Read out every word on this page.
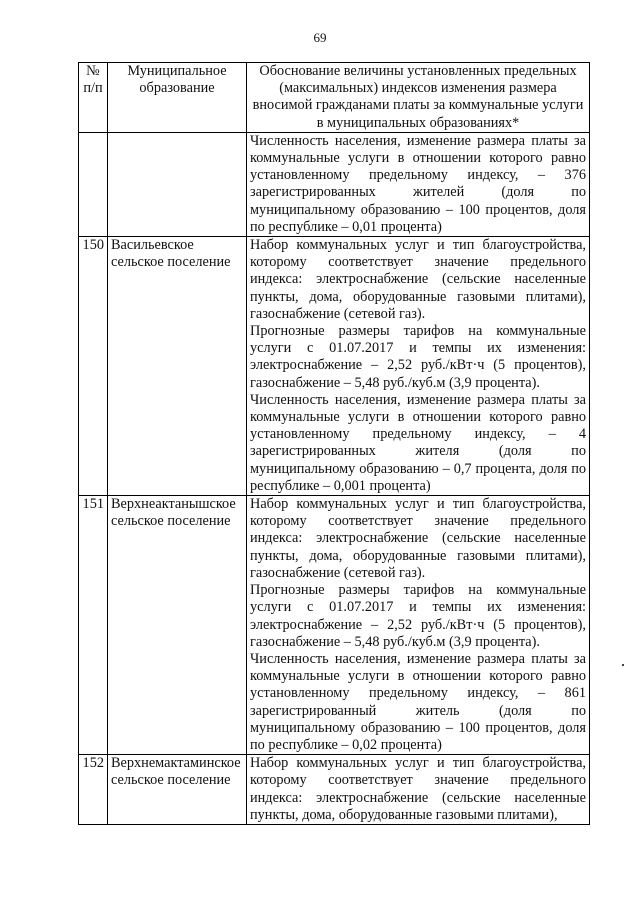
69
№ п/п	Муниципальное образование	Обоснование величины установленных предельных (максимальных) индексов изменения размера вносимой гражданами платы за коммунальные услуги в муниципальных образованиях*

		Численность населения, изменение размера платы за коммунальные услуги в отношении которого равно установленному предельному индексу, – 376 зарегистрированных жителей (доля по муниципальному образованию – 100 процентов, доля по республике – 0,01 процента)

150	Васильевское сельское поселение	Набор коммунальных услуг и тип благоустройства, которому соответствует значение предельного индекса: электроснабжение (сельские населенные пункты, дома, оборудованные газовыми плитами), газоснабжение (сетевой газ).

Прогнозные размеры тарифов на коммунальные услуги с 01.07.2017 и темпы их изменения: электроснабжение – 2,52 руб./кВт·ч (5 процентов), газоснабжение – 5,48 руб./куб.м (3,9 процента).

Численность населения, изменение размера платы за коммунальные услуги в отношении которого равно установленному предельному индексу, – 4 зарегистрированных жителя (доля по муниципальному образованию – 0,7 процента, доля по республике – 0,001 процента)

151	Верхнеактанышское сельское поселение	Набор коммунальных услуг и тип благоустройства, которому соответствует значение предельного индекса: электроснабжение (сельские населенные пункты, дома, оборудованные газовыми плитами), газоснабжение (сетевой газ).

Прогнозные размеры тарифов на коммунальные услуги с 01.07.2017 и темпы их изменения: электроснабжение – 2,52 руб./кВт·ч (5 процентов), газоснабжение – 5,48 руб./куб.м (3,9 процента).

Численность населения, изменение размера платы за коммунальные услуги в отношении которого равно установленному предельному индексу, – 861 зарегистрированный житель (доля по муниципальному образованию – 100 процентов, доля по республике – 0,02 процента)

152	Верхнемактаминское сельское поселение	Набор коммунальных услуг и тип благоустройства, которому соответствует значение предельного индекса: электроснабжение (сельские населенные пункты, дома, оборудованные газовыми плитами),
